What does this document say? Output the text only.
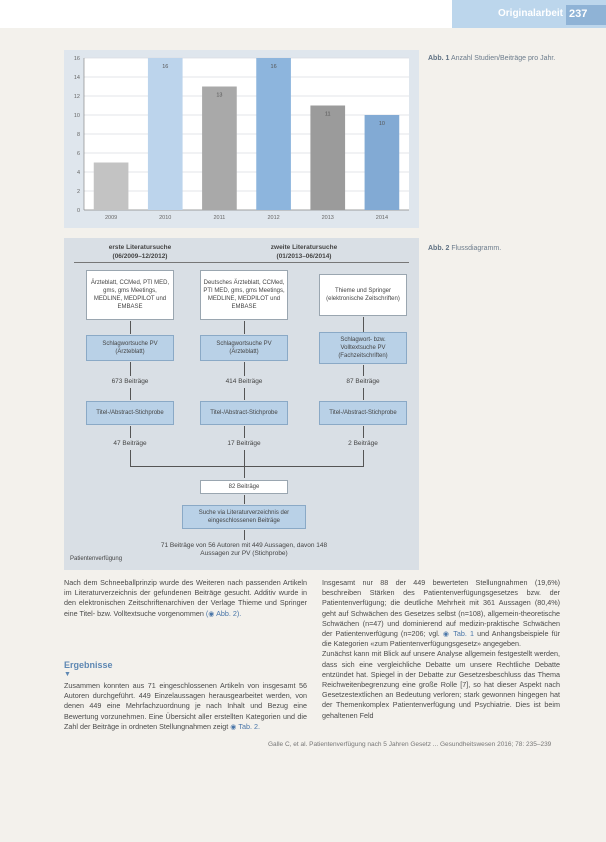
Originalarbeit 237
0
2
4
6
8
10
12
14
16
2009
16
2010
13
2011
16
2012
11
2013
10
2014
Abb. 1 Anzahl Studien/Beiträge pro Jahr.
erste Literatursuche
(06/2009–12/2012)
zweite Literatursuche
(01/2013–06/2014)
Ärzteblatt, CCMed, PTI MED, gms, gms Meetings, MEDLINE, MEDPILOT und EMBASE
Deutsches Ärzteblatt, CCMed, PTI MED, gms, gms Meetings, MEDLINE, MEDPILOT und EMBASE
Thieme und Springer (elektronische Zeitschriften)
Schlagwortsuche PV (Ärzteblatt)
Schlagwortsuche PV (Ärzteblatt)
Schlagwort- bzw. Volltextsuche PV (Fachzeitschriften)
673 Beiträge	414 Beiträge	87 Beiträge
Titel-/Abstract-Stichprobe	Titel-/Abstract-Stichprobe	Titel-/Abstract-Stichprobe
47 Beiträge	17 Beiträge	2 Beiträge
82 Beiträge
Suche via Literaturverzeichnis der eingeschlossenen Beiträge
71 Beiträge von 56 Autoren mit 449 Aussagen, davon 148 Aussagen zur PV (Stichprobe)
Patientenverfügung
Abb. 2 Flussdiagramm.

Nach dem Schneeballprinzip wurde des Weiteren nach passenden Artikeln im Literaturverzeichnis der gefundenen Beiträge gesucht. Additiv wurde in den elektronischen Zeitschriftenarchiven der Verlage Thieme und Springer eine Titel- bzw. Volltextsuche vorgenommen (◉ Abb. 2).

Ergebnisse
▼

Zusammen konnten aus 71 eingeschlossenen Artikeln von insgesamt 56 Autoren durchgeführt. 449 Einzelaussagen herausgearbeitet werden, von denen 449 eine Mehrfachzuordnung je nach Inhalt und Bezug eine Bewertung vorzunehmen. Eine Übersicht aller erstellten Kategorien und die Zahl der Beiträge in ordneten Stellungnahmen zeigt ◉ Tab. 2.

Insgesamt nur 88 der 449 bewerteten Stellungnahmen (19,6%) beschreiben Stärken des Patientenverfügungsgesetzes bzw. der Patientenverfügung; die deutliche Mehrheit mit 361 Aussagen (80,4%) geht auf Schwächen des Gesetzes selbst (n=108), allgemein-theoretische Schwächen (n=47) und dominierend auf medizin-praktische Schwächen der Patientenverfügung (n=206; vgl. ◉ Tab. 1 und Anhangsbeispiele für die Kategorien «zum Patientenverfügungsgesetz» angegeben.

Zunächst kann mit Blick auf unsere Analyse allgemein festgestellt werden, dass sich eine vergleichliche Debatte um unsere Rechtliche Debatte entzündet hat. Spiegel in der Debatte zur Gesetzesbeschluss das Thema Reichweitenbegrenzung eine große Rolle [7], so hat dieser Aspekt nach Gesetzestextlichen an Bedeutung verloren; stark gewonnen hingegen hat der Themenkomplex Patientenverfügung und Psychiatrie. Dies ist beim gehaltenen Feld

Galle C, et al. Patientenverfügung nach 5 Jahren Gesetz ... Gesundheitswesen 2016; 78: 235–239
